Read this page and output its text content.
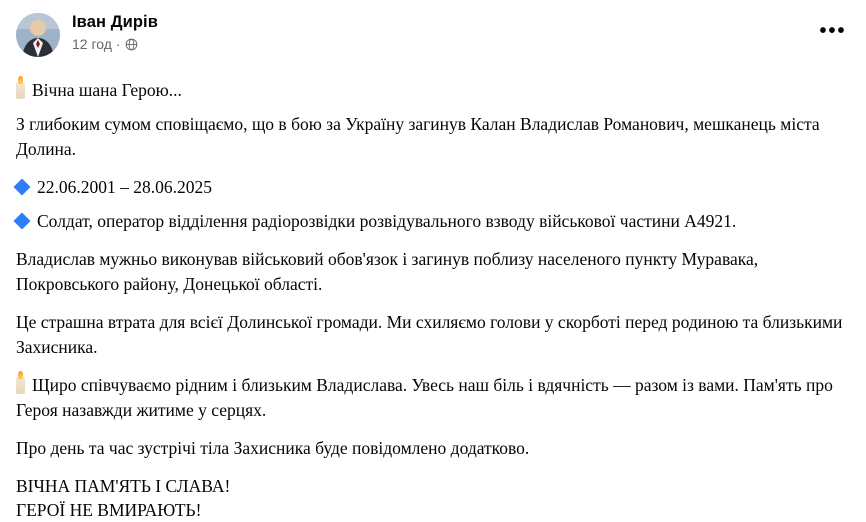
Іван Дирів
12 год ·
•••

Вічна шана Герою...

З глибоким сумом сповіщаємо, що в бою за Україну загинув Калан Владислав Романович, мешканець міста Долина.

22.06.2001 – 28.06.2025

Солдат, оператор відділення радіорозвідки розвідувального взводу військової частини А4921.

Владислав мужньо виконував військовий обов'язок і загинув поблизу населеного пункту Муравака, Покровського району, Донецької області.

Це страшна втрата для всієї Долинської громади. Ми схиляємо голови у скорботі перед родиною та близькими Захисника.

Щиро співчуваємо рідним і близьким Владислава. Увесь наш біль і вдячність — разом із вами. Пам'ять про Героя назавжди житиме у серцях.

Про день та час зустрічі тіла Захисника буде повідомлено додатково.

ВІЧНА ПАМ'ЯТЬ І СЛАВА!
ГЕРОЇ НЕ ВМИРАЮТЬ!
